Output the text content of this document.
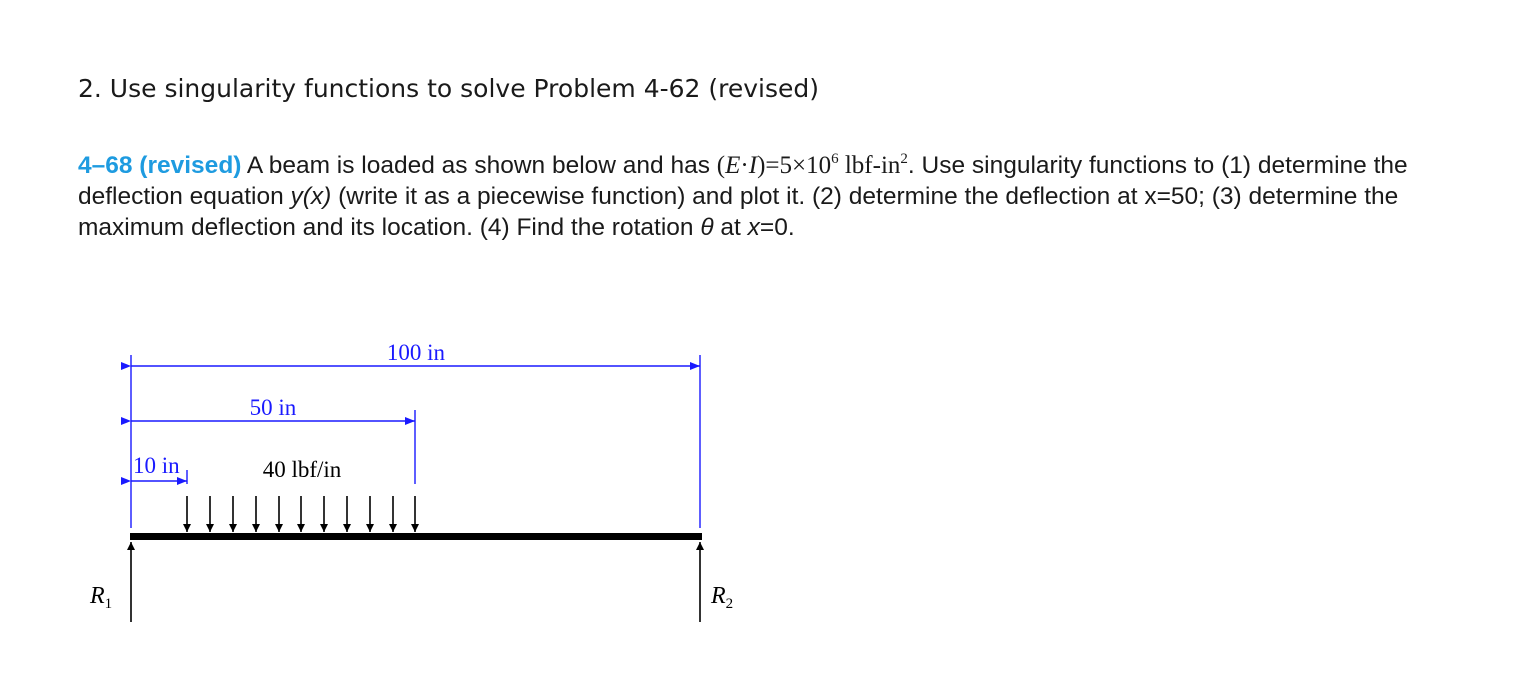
2. Use singularity functions to solve Problem 4-62 (revised)
4–68 (revised) A beam is loaded as shown below and has $(E\cdot I)=5\times 10^6$ lbf-$in^2$. Use singularity functions to (1) determine the deflection equation y(x) (write it as a piecewise function) and plot it. (2) determine the deflection at x=50; (3) determine the maximum deflection and its location. (4) Find the rotation θ at x=0.
100 in
50 in
10 in	40 lbf/in
$R_1$	$R_2$
